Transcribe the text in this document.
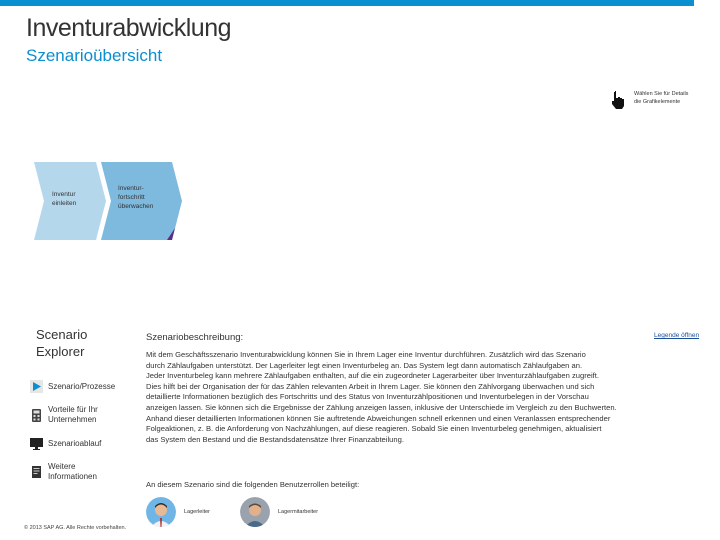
Inventurabwicklung
Szenarioübersicht
Wählen Sie für Details
die Grafikelemente
Inventur
einleiten
Inventur-
fortschritt
überwachen
Scenario
Explorer
Szenario/Prozesse
Vorteile für Ihr
Unternehmen
Szenarioablauf
Weitere
Informationen
© 2013 SAP AG. Alle Rechte vorbehalten.
Szenariobeschreibung:	Legende öffnen
Mit dem Geschäftsszenario Inventurabwicklung können Sie in Ihrem Lager eine Inventur durchführen. Zusätzlich wird das Szenario
durch Zählaufgaben unterstützt. Der Lagerleiter legt einen Inventurbeleg an. Das System legt dann automatisch Zählaufgaben an.
Jeder Inventurbeleg kann mehrere Zählaufgaben enthalten, auf die ein zugeordneter Lagerarbeiter über Inventurzählaufgaben zugreift.
Dies hilft bei der Organisation der für das Zählen relevanten Arbeit in Ihrem Lager. Sie können den Zählvorgang überwachen und sich
detaillierte Informationen bezüglich des Fortschritts und des Status von Inventurzählpositionen und Inventurbelegen in der Vorschau
anzeigen lassen. Sie können sich die Ergebnisse der Zählung anzeigen lassen, inklusive der Unterschiede im Vergleich zu den Buchwerten.
Anhand dieser detaillierten Informationen können Sie auftretende Abweichungen schnell erkennen und einen Veranlassen entsprechender
Folgeaktionen, z. B. die Anforderung von Nachzählungen, auf diese reagieren. Sobald Sie einen Inventurbeleg genehmigen, aktualisiert
das System den Bestand und die Bestandsdatensätze Ihrer Finanzabteilung.
An diesem Szenario sind die folgenden Benutzerrollen beteiligt:
Lagerleiter	Lagermitarbeiter
